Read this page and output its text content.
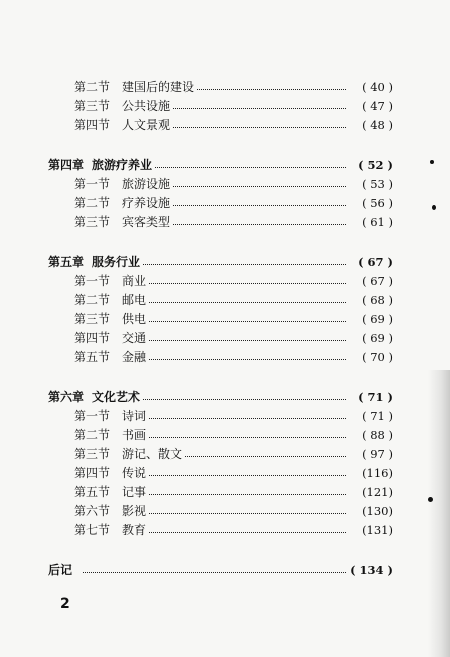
第二节 建国后的建设	( 40 )
第三节 公共设施	( 47 )
第四节 人文景观	( 48 )
第四章 旅游疗养业	( 52 )
第一节 旅游设施	( 53 )
第二节 疗养设施	( 56 )
第三节 宾客类型	( 61 )
第五章 服务行业	( 67 )
第一节 商业	( 67 )
第二节 邮电	( 68 )
第三节 供电	( 69 )
第四节 交通	( 69 )
第五节 金融	( 70 )
第六章 文化艺术	( 71 )
第一节 诗词	( 71 )
第二节 书画	( 88 )
第三节 游记、散文	( 97 )
第四节 传说	(116)
第五节 记事	(121)
第六节 影视	(130)
第七节 教育	(131)
后记	( 134 )
2
